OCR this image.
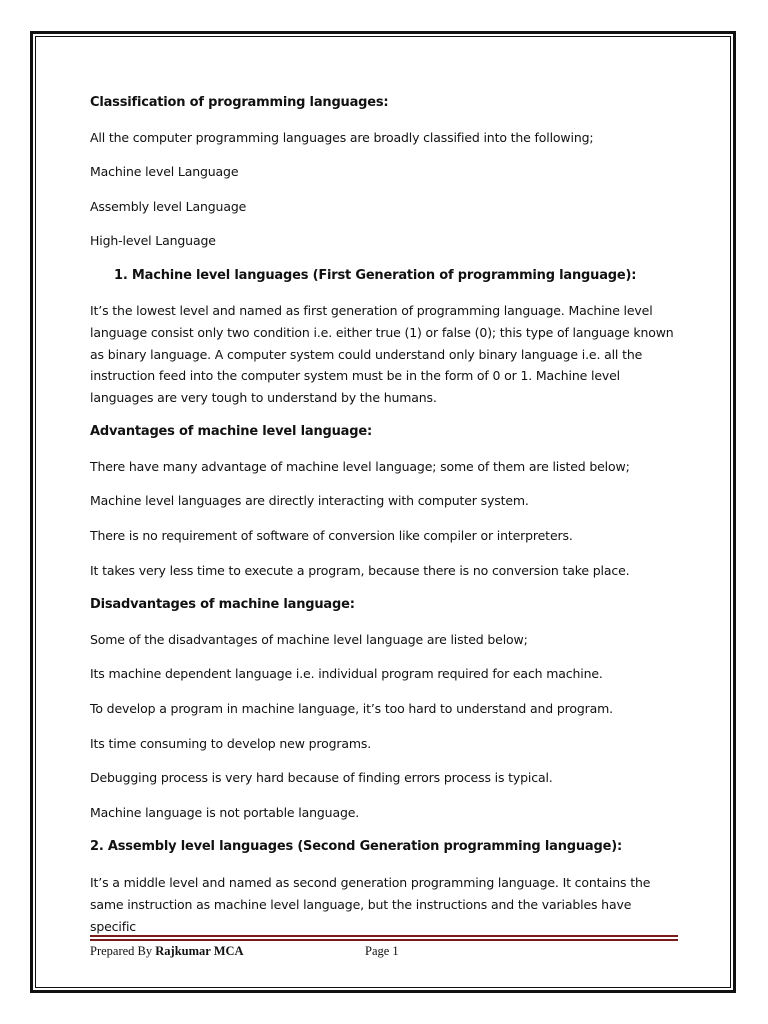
Classification of programming languages:

All the computer programming languages are broadly classified into the following;

Machine level Language

Assembly level Language

High-level Language

1. Machine level languages (First Generation of programming language):

It’s the lowest level and named as first generation of programming language. Machine level language consist only two condition i.e. either true (1) or false (0); this type of language known as binary language. A computer system could understand only binary language i.e. all the instruction feed into the computer system must be in the form of 0 or 1. Machine level languages are very tough to understand by the humans.

Advantages of machine level language:

There have many advantage of machine level language; some of them are listed below;

Machine level languages are directly interacting with computer system.

There is no requirement of software of conversion like compiler or interpreters.

It takes very less time to execute a program, because there is no conversion take place.

Disadvantages of machine language:

Some of the disadvantages of machine level language are listed below;

Its machine dependent language i.e. individual program required for each machine.

To develop a program in machine language, it’s too hard to understand and program.

Its time consuming to develop new programs.

Debugging process is very hard because of finding errors process is typical.

Machine language is not portable language.

2. Assembly level languages (Second Generation programming language):

It’s a middle level and named as second generation programming language. It contains the same instruction as machine level language, but the instructions and the variables have specific

Prepared By Rajkumar MCA	Page 1
